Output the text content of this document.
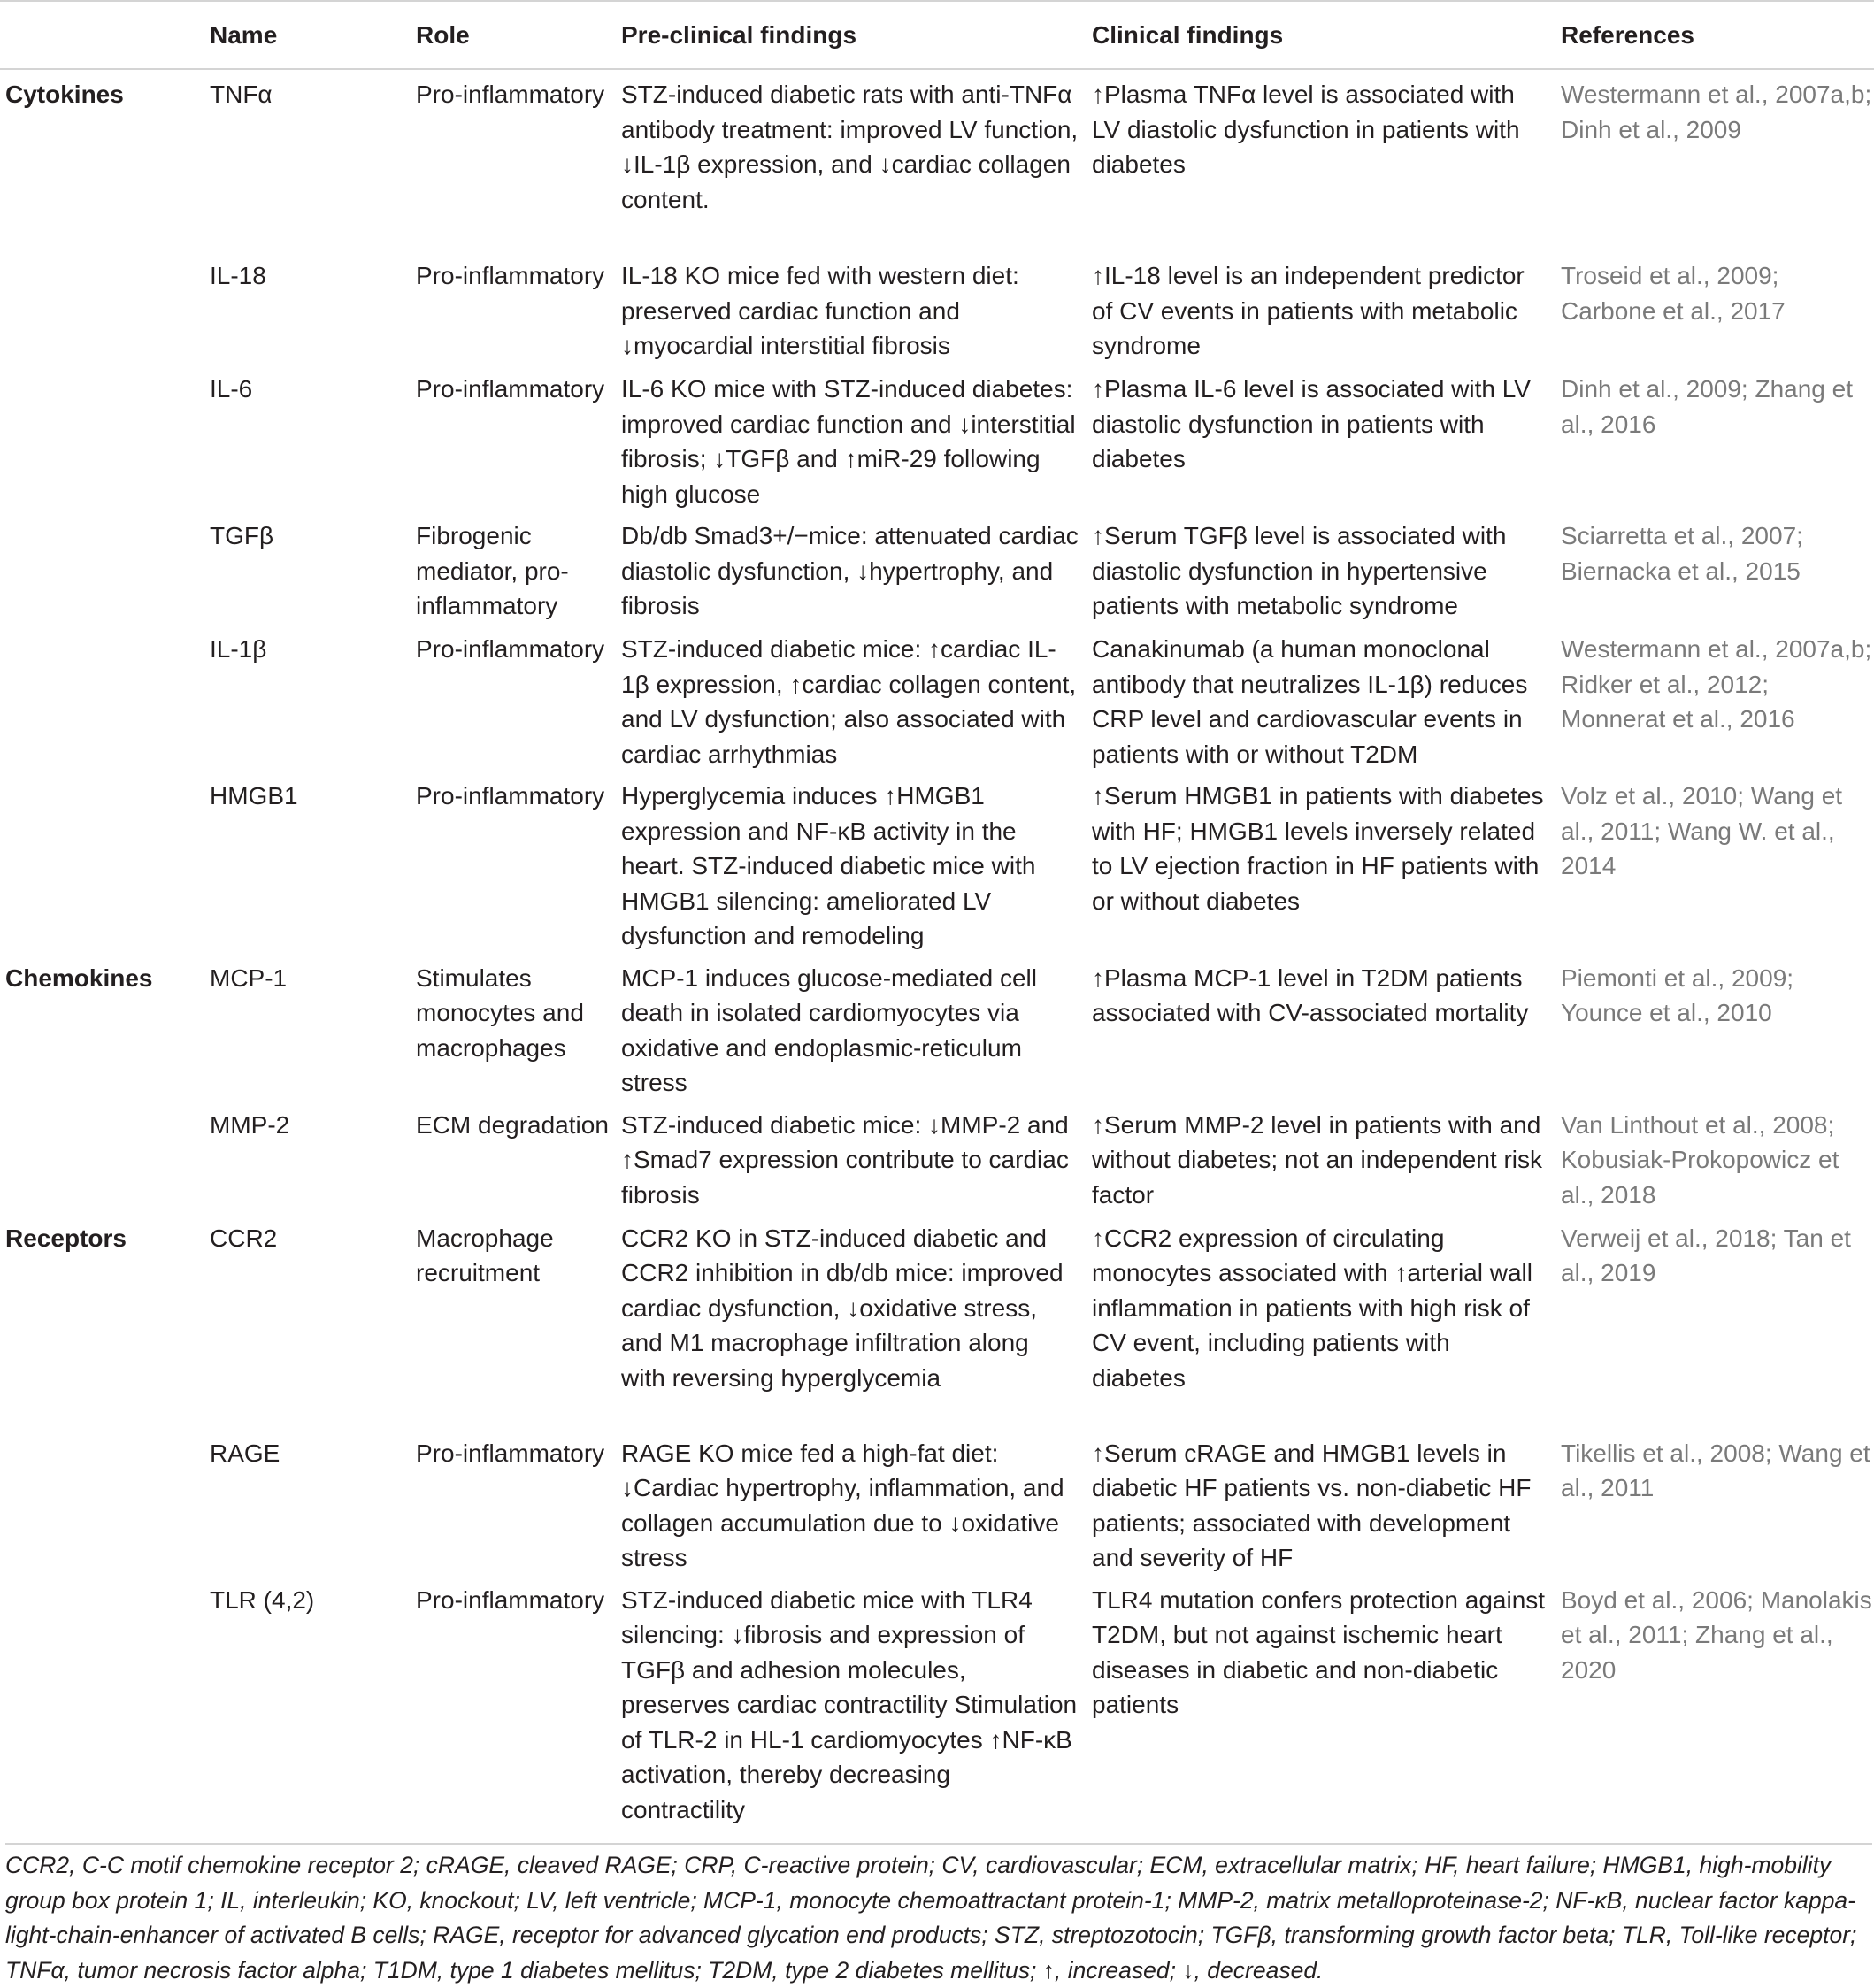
	Name	Role	Pre-clinical findings	Clinical findings	References
Cytokines	TNFα	Pro-inflammatory	STZ-induced diabetic rats with anti-TNFα antibody treatment: improved LV function, ↓IL-1β expression, and ↓cardiac collagen content.	↑Plasma TNFα level is associated with LV diastolic dysfunction in patients with diabetes	Westermann et al., 2007a,b; Dinh et al., 2009
	IL-18	Pro-inflammatory	IL-18 KO mice fed with western diet: preserved cardiac function and ↓myocardial interstitial fibrosis	↑IL-18 level is an independent predictor of CV events in patients with metabolic syndrome	Troseid et al., 2009; Carbone et al., 2017
	IL-6	Pro-inflammatory	IL-6 KO mice with STZ-induced diabetes: improved cardiac function and ↓interstitial fibrosis; ↓TGFβ and ↑miR-29 following high glucose	↑Plasma IL-6 level is associated with LV diastolic dysfunction in patients with diabetes	Dinh et al., 2009; Zhang et al., 2016
	TGFβ	Fibrogenic mediator, pro-inflammatory	Db/db Smad3+/−mice: attenuated cardiac diastolic dysfunction, ↓hypertrophy, and fibrosis	↑Serum TGFβ level is associated with diastolic dysfunction in hypertensive patients with metabolic syndrome	Sciarretta et al., 2007; Biernacka et al., 2015
	IL-1β	Pro-inflammatory	STZ-induced diabetic mice: ↑cardiac IL-1β expression, ↑cardiac collagen content, and LV dysfunction; also associated with cardiac arrhythmias	Canakinumab (a human monoclonal antibody that neutralizes IL-1β) reduces CRP level and cardiovascular events in patients with or without T2DM	Westermann et al., 2007a,b; Ridker et al., 2012; Monnerat et al., 2016
	HMGB1	Pro-inflammatory	Hyperglycemia induces ↑HMGB1 expression and NF-κB activity in the heart. STZ-induced diabetic mice with HMGB1 silencing: ameliorated LV dysfunction and remodeling	↑Serum HMGB1 in patients with diabetes with HF; HMGB1 levels inversely related to LV ejection fraction in HF patients with or without diabetes	Volz et al., 2010; Wang et al., 2011; Wang W. et al., 2014
Chemokines	MCP-1	Stimulates monocytes and macrophages	MCP-1 induces glucose-mediated cell death in isolated cardiomyocytes via oxidative and endoplasmic-reticulum stress	↑Plasma MCP-1 level in T2DM patients associated with CV-associated mortality	Piemonti et al., 2009; Younce et al., 2010
	MMP-2	ECM degradation	STZ-induced diabetic mice: ↓MMP-2 and ↑Smad7 expression contribute to cardiac fibrosis	↑Serum MMP-2 level in patients with and without diabetes; not an independent risk factor	Van Linthout et al., 2008; Kobusiak-Prokopowicz et al., 2018
Receptors	CCR2	Macrophage recruitment	CCR2 KO in STZ-induced diabetic and CCR2 inhibition in db/db mice: improved cardiac dysfunction, ↓oxidative stress, and M1 macrophage infiltration along with reversing hyperglycemia	↑CCR2 expression of circulating monocytes associated with ↑arterial wall inflammation in patients with high risk of CV event, including patients with diabetes	Verweij et al., 2018; Tan et al., 2019
	RAGE	Pro-inflammatory	RAGE KO mice fed a high-fat diet: ↓Cardiac hypertrophy, inflammation, and collagen accumulation due to ↓oxidative stress	↑Serum cRAGE and HMGB1 levels in diabetic HF patients vs. non-diabetic HF patients; associated with development and severity of HF	Tikellis et al., 2008; Wang et al., 2011
	TLR (4,2)	Pro-inflammatory	STZ-induced diabetic mice with TLR4 silencing: ↓fibrosis and expression of TGFβ and adhesion molecules, preserves cardiac contractility Stimulation of TLR-2 in HL-1 cardiomyocytes ↑NF-κB activation, thereby decreasing contractility	TLR4 mutation confers protection against T2DM, but not against ischemic heart diseases in diabetic and non-diabetic patients	Boyd et al., 2006; Manolakis et al., 2011; Zhang et al., 2020
CCR2, C-C motif chemokine receptor 2; cRAGE, cleaved RAGE; CRP, C-reactive protein; CV, cardiovascular; ECM, extracellular matrix; HF, heart failure; HMGB1, high-mobility group box protein 1; IL, interleukin; KO, knockout; LV, left ventricle; MCP-1, monocyte chemoattractant protein-1; MMP-2, matrix metalloproteinase-2; NF-κB, nuclear factor kappa-light-chain-enhancer of activated B cells; RAGE, receptor for advanced glycation end products; STZ, streptozotocin; TGFβ, transforming growth factor beta; TLR, Toll-like receptor; TNFα, tumor necrosis factor alpha; T1DM, type 1 diabetes mellitus; T2DM, type 2 diabetes mellitus; ↑, increased; ↓, decreased.
